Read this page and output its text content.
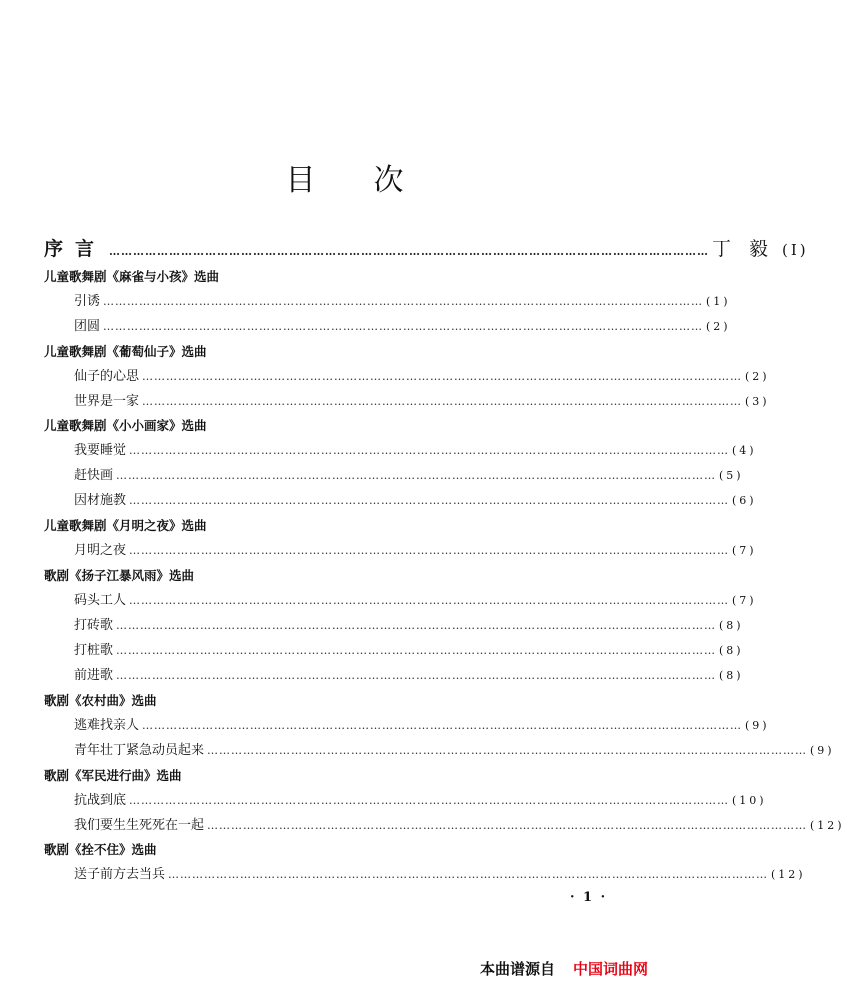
目 次
序言 …………………………………………………………………………………………………………………………………… 丁毅
(I)
儿童歌舞剧《麻雀与小孩》选曲
引诱 …………………………………………………………………………………………………………………………………… (1)
团圆 …………………………………………………………………………………………………………………………………… (2)
儿童歌舞剧《葡萄仙子》选曲
仙子的心思 …………………………………………………………………………………………………………………………………… (2)
世界是一家 …………………………………………………………………………………………………………………………………… (3)
儿童歌舞剧《小小画家》选曲
我要睡觉 …………………………………………………………………………………………………………………………………… (4)
赶快画 …………………………………………………………………………………………………………………………………… (5)
因材施教 …………………………………………………………………………………………………………………………………… (6)
儿童歌舞剧《月明之夜》选曲
月明之夜 …………………………………………………………………………………………………………………………………… (7)
歌剧《扬子江暴风雨》选曲
码头工人 …………………………………………………………………………………………………………………………………… (7)
打砖歌 …………………………………………………………………………………………………………………………………… (8)
打桩歌 …………………………………………………………………………………………………………………………………… (8)
前进歌 …………………………………………………………………………………………………………………………………… (8)
歌剧《农村曲》选曲
逃难找亲人 …………………………………………………………………………………………………………………………………… (9)
青年壮丁紧急动员起来 …………………………………………………………………………………………………………………………………… (9)
歌剧《军民进行曲》选曲
抗战到底 …………………………………………………………………………………………………………………………………… (10)
我们要生生死死在一起 …………………………………………………………………………………………………………………………………… (12)
歌剧《拴不住》选曲
送子前方去当兵 …………………………………………………………………………………………………………………………………… (12)
· 1 ·
本曲谱源自 中国词曲网
